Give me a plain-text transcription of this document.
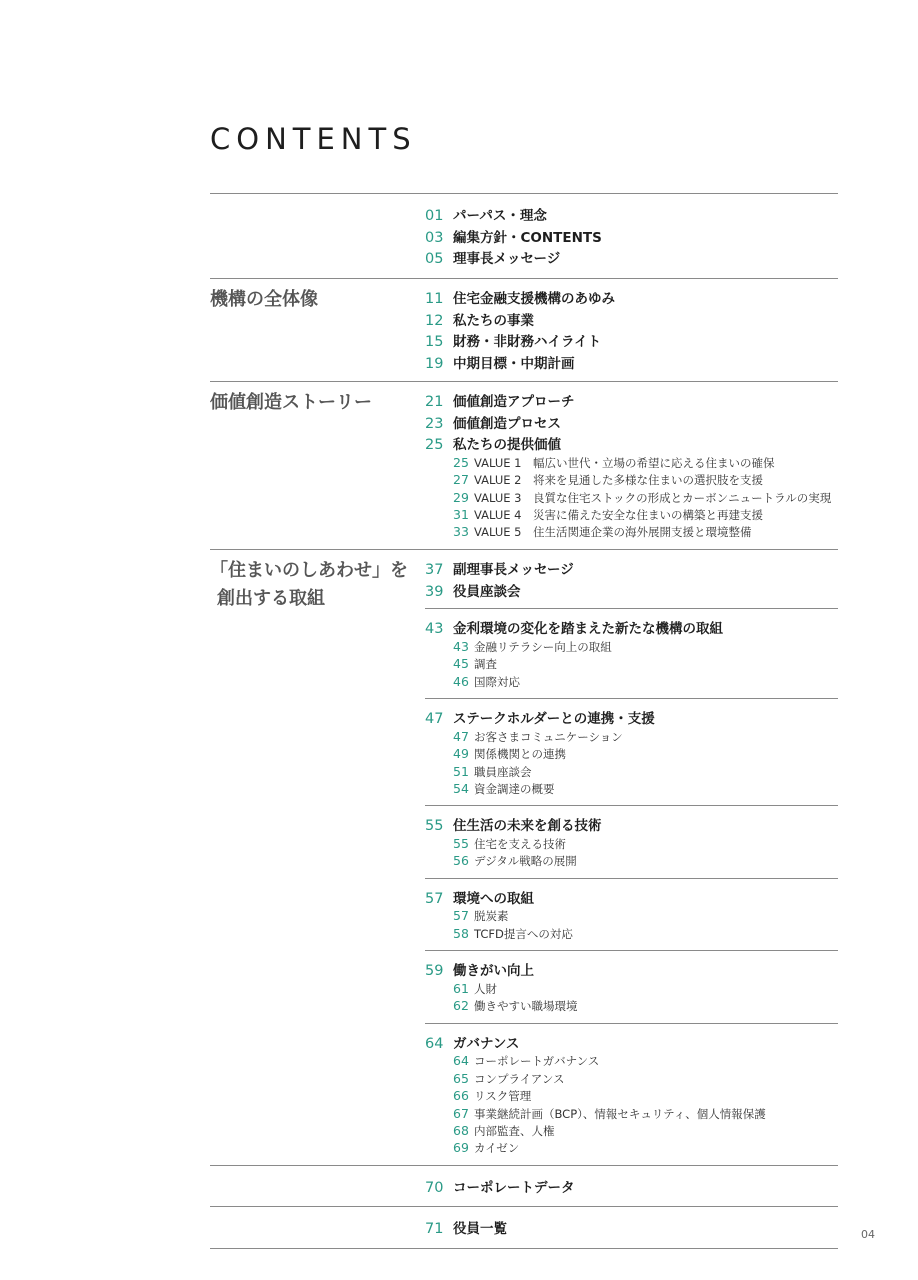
CONTENTS
01 パーパス・理念
03 編集方針・CONTENTS
05 理事長メッセージ
機構の全体像	11 住宅金融支援機構のあゆみ
12 私たちの事業
15 財務・非財務ハイライト
19 中期目標・中期計画
価値創造ストーリー	21 価値創造アプローチ
23 価値創造プロセス
25 私たちの提供価値
25 VALUE 1　幅広い世代・立場の希望に応える住まいの確保
27 VALUE 2　将来を見通した多様な住まいの選択肢を支援
29 VALUE 3　良質な住宅ストックの形成とカーボンニュートラルの実現
31 VALUE 4　災害に備えた安全な住まいの構築と再建支援
33 VALUE 5　住生活関連企業の海外展開支援と環境整備
「住まいのしあわせ」を
創出する取組
37 副理事長メッセージ
39 役員座談会
43 金利環境の変化を踏まえた新たな機構の取組
43 金融リテラシー向上の取組
45 調査
46 国際対応
47 ステークホルダーとの連携・支援
47 お客さまコミュニケーション
49 関係機関との連携
51 職員座談会
54 資金調達の概要
55 住生活の未来を創る技術
55 住宅を支える技術
56 デジタル戦略の展開
57 環境への取組
57 脱炭素
58 TCFD提言への対応
59 働きがい向上
61 人財
62 働きやすい職場環境
64 ガバナンス
64 コーポレートガバナンス
65 コンプライアンス
66 リスク管理
67 事業継続計画（BCP）、情報セキュリティ、個人情報保護
68 内部監査、人権
69 カイゼン
70 コーポレートデータ
71 役員一覧	04
